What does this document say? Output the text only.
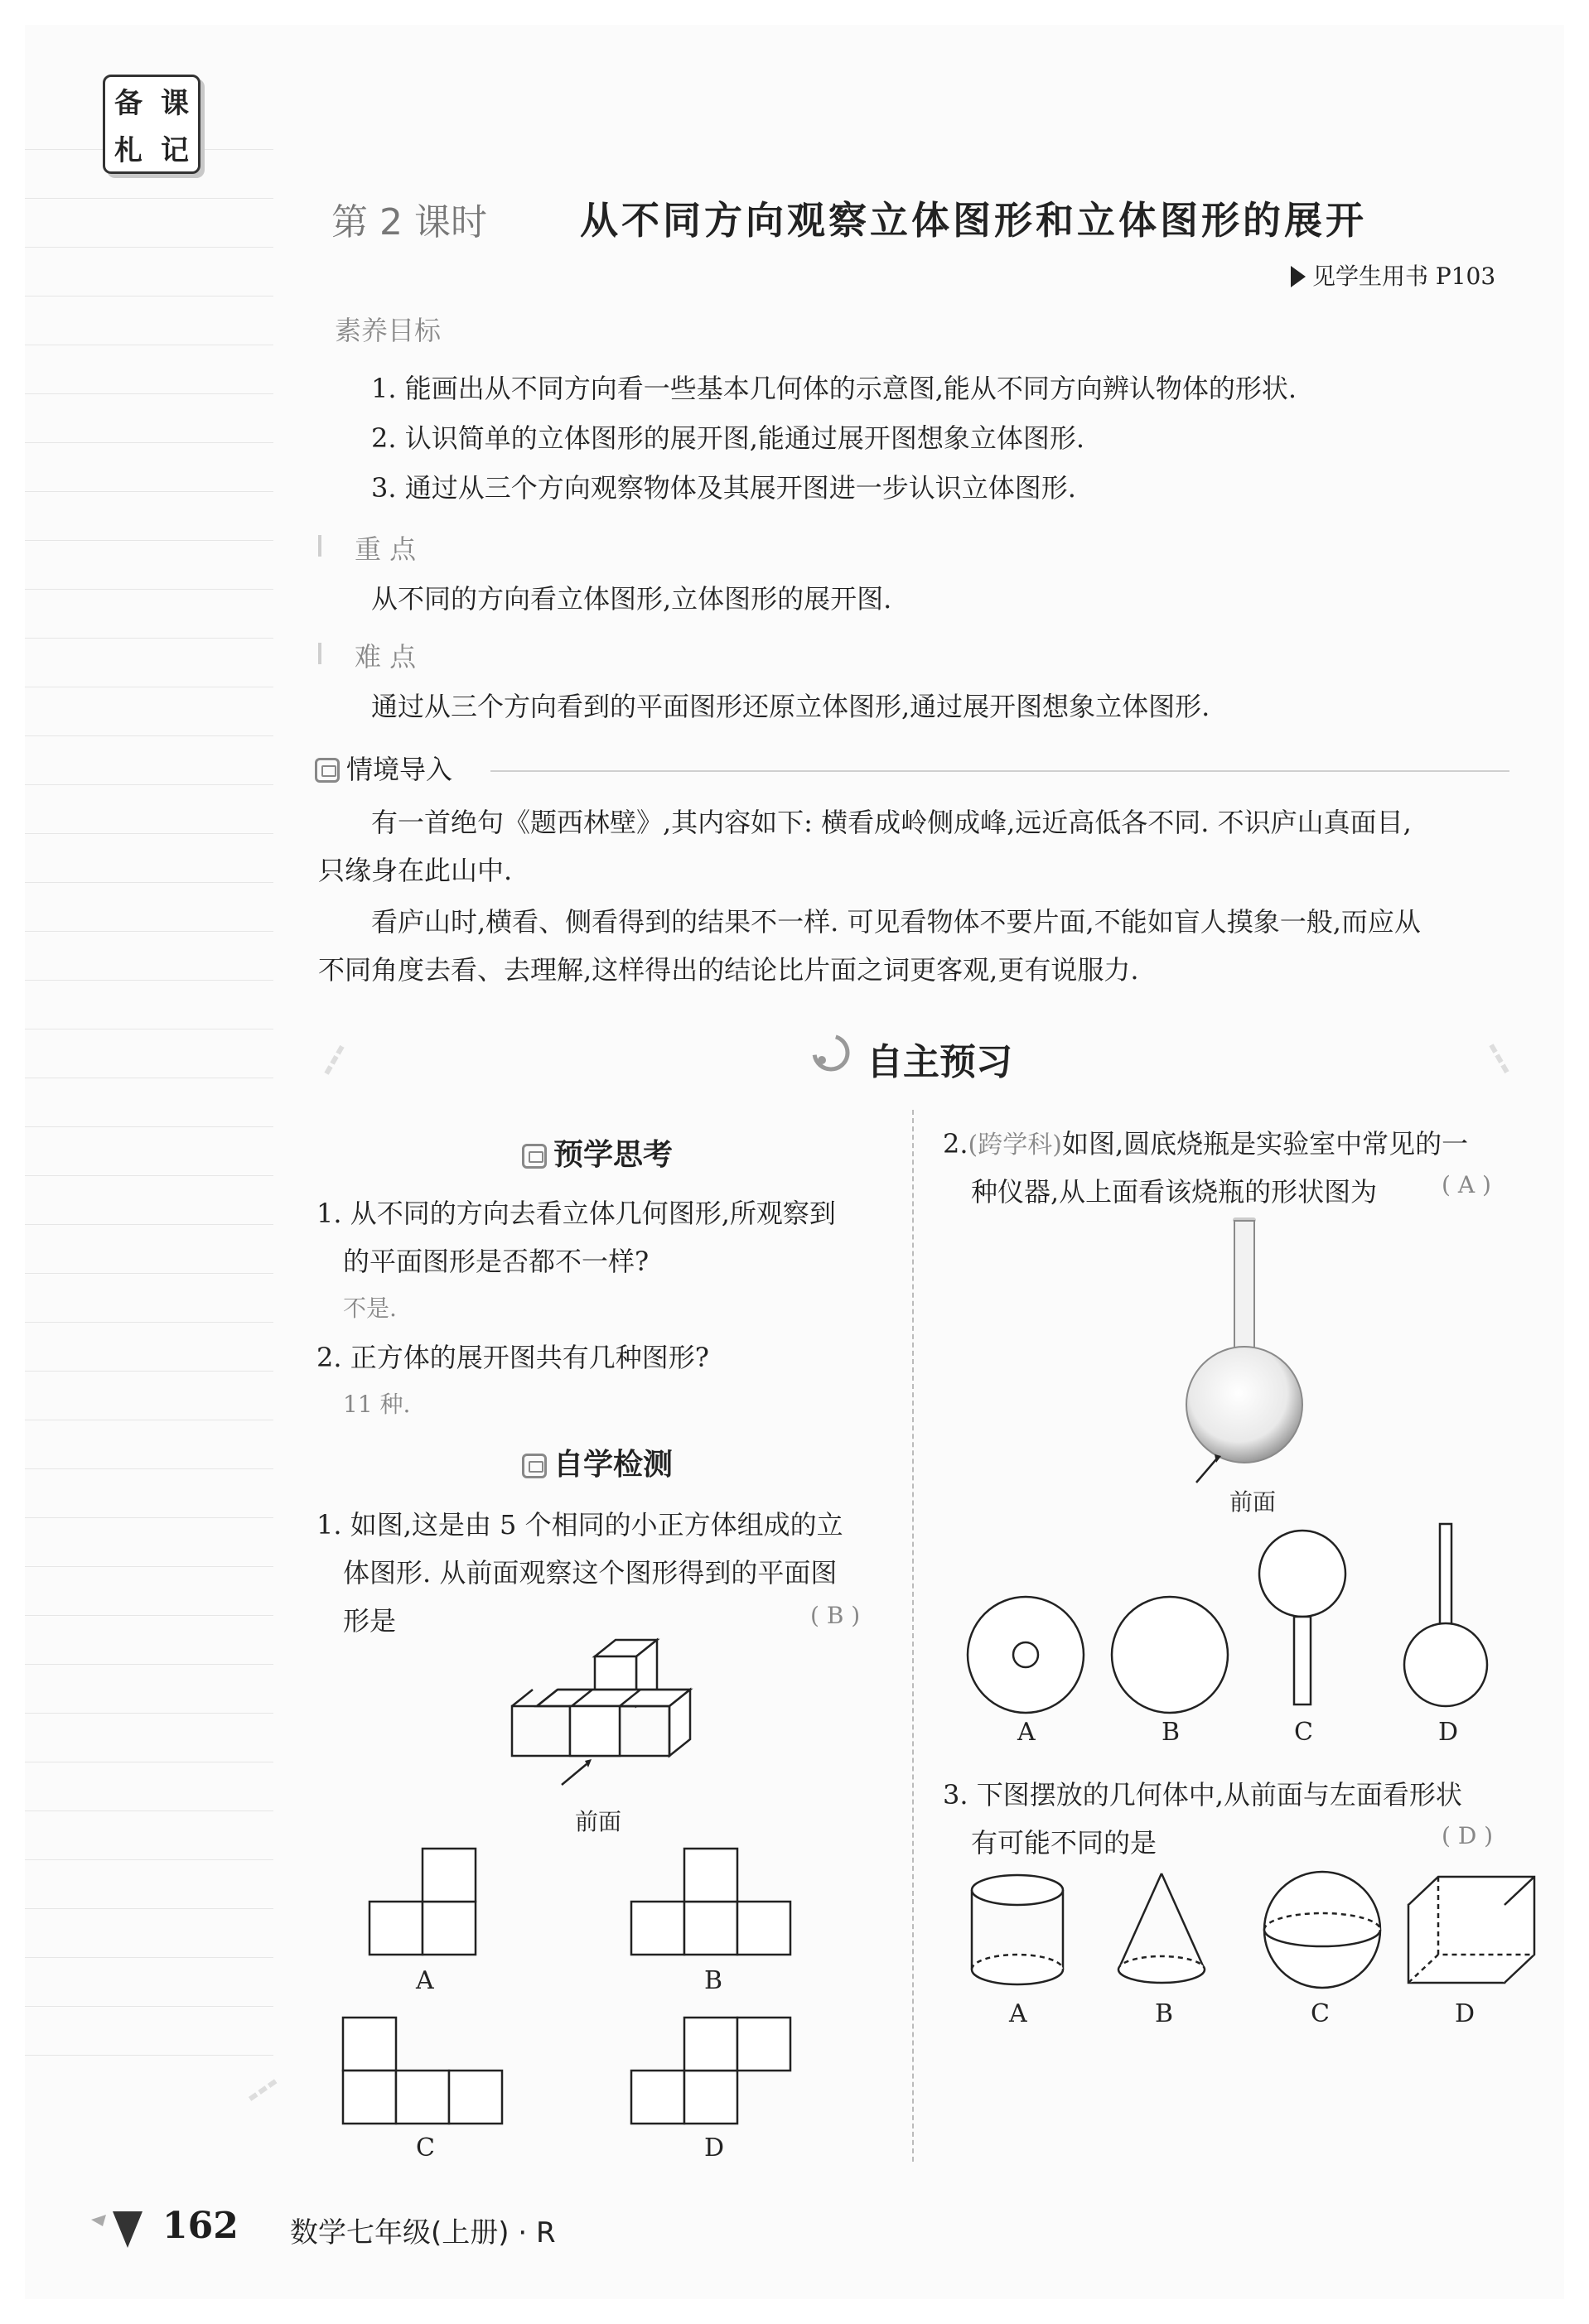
备 课
札 记
第 2 课时 从不同方向观察立体图形和立体图形的展开
见学生用书 P103
素养目标
1. 能画出从不同方向看一些基本几何体的示意图,能从不同方向辨认物体的形状.
2. 认识简单的立体图形的展开图,能通过展开图想象立体图形.
3. 通过从三个方向观察物体及其展开图进一步认识立体图形.
重 点
从不同的方向看立体图形,立体图形的展开图.
难 点
通过从三个方向看到的平面图形还原立体图形,通过展开图想象立体图形.
情境导入
有一首绝句《题西林壁》,其内容如下: 横看成岭侧成峰,远近高低各不同. 不识庐山真面目,
只缘身在此山中.
看庐山时,横看、侧看得到的结果不一样. 可见看物体不要片面,不能如盲人摸象一般,而应从
不同角度去看、去理解,这样得出的结论比片面之词更客观,更有说服力.
自主预习
预学思考
1. 从不同的方向去看立体几何图形,所观察到
的平面图形是否都不一样?
不是.
2. 正方体的展开图共有几种图形?
11 种.
自学检测
1. 如图,这是由 5 个相同的小正方体组成的立
体图形. 从前面观察这个图形得到的平面图
形是	( B )
前面
A	B
C	D
2.(跨学科)如图,圆底烧瓶是实验室中常见的一
种仪器,从上面看该烧瓶的形状图为	( A )
前面
A	B	C	D
3. 下图摆放的几何体中,从前面与左面看形状
有可能不同的是	( D )
A	B	C	D
162 数学七年级(上册) · R
